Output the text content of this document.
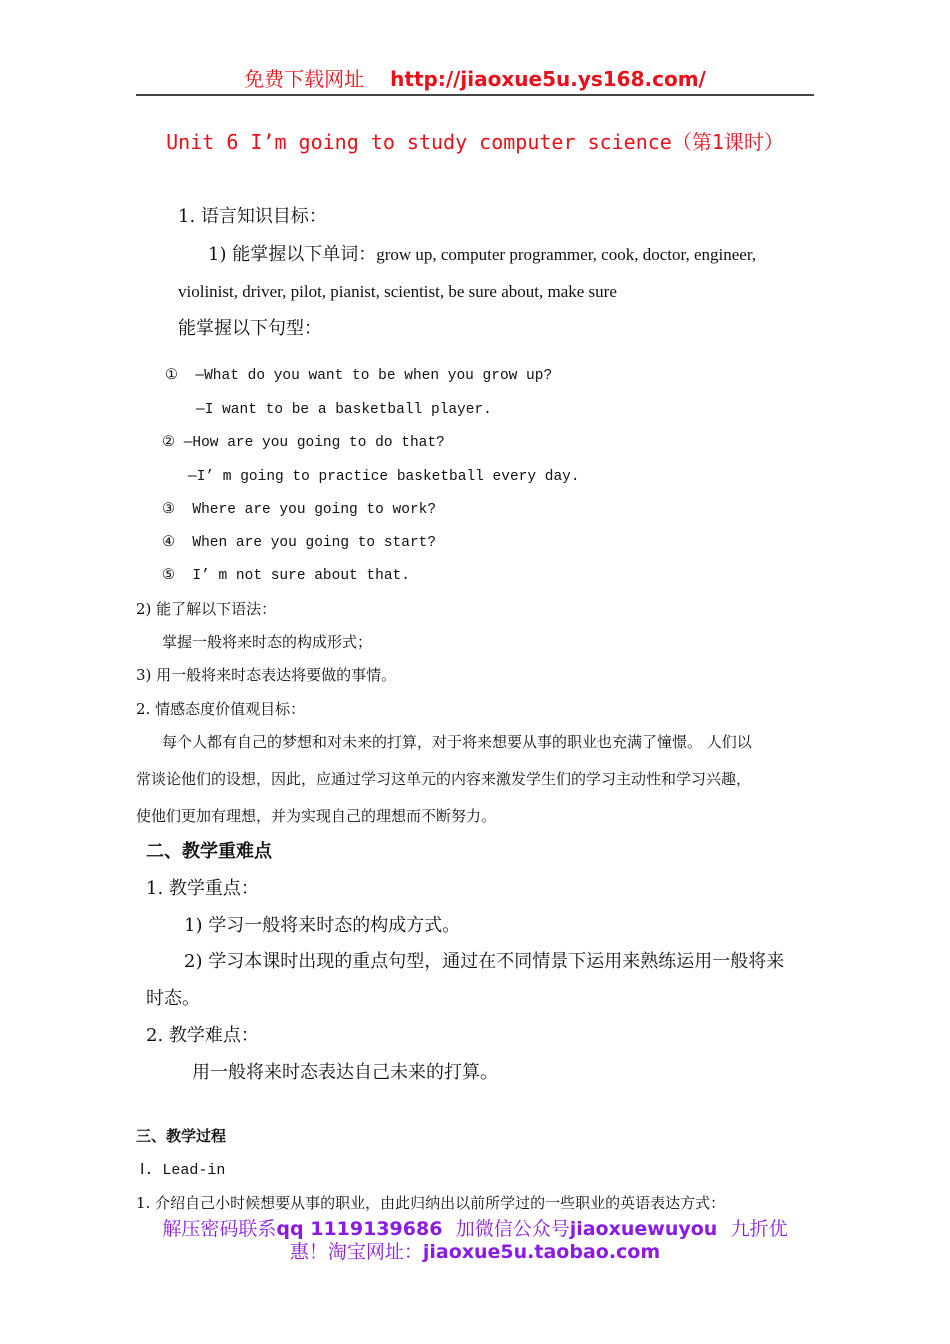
免费下载网址 http://jiaoxue5u.ys168.com/
Unit 6 I’m going to study computer science（第1课时）
1. 语言知识目标：
1) 能掌握以下单词：grow up, computer programmer, cook, doctor, engineer,
violinist, driver, pilot, pianist, scientist, be sure about, make sure
能掌握以下句型：
① —What do you want to be when you grow up?
—I want to be a basketball player.
② —How are you going to do that?
—I’ m going to practice basketball every day.
③ Where are you going to work?
④ When are you going to start?
⑤ I’ m not sure about that.
2) 能了解以下语法：
掌握一般将来时态的构成形式；
3) 用一般将来时态表达将要做的事情。
2. 情感态度价值观目标：
每个人都有自己的梦想和对未来的打算，对于将来想要从事的职业也充满了憧憬。 人们以
常谈论他们的设想，因此，应通过学习这单元的内容来激发学生们的学习主动性和学习兴趣，
使他们更加有理想，并为实现自己的理想而不断努力。
二、教学重难点
1. 教学重点：
1) 学习一般将来时态的构成方式。
2) 学习本课时出现的重点句型，通过在不同情景下运用来熟练运用一般将来
时态。
2. 教学难点：
用一般将来时态表达自己未来的打算。
三、教学过程
Ⅰ. Lead-in
1. 介绍自己小时候想要从事的职业，由此归纳出以前所学过的一些职业的英语表达方式：
解压密码联系qq 1119139686 加微信公众号jiaoxuewuyou 九折优
惠！淘宝网址：jiaoxue5u.taobao.com
